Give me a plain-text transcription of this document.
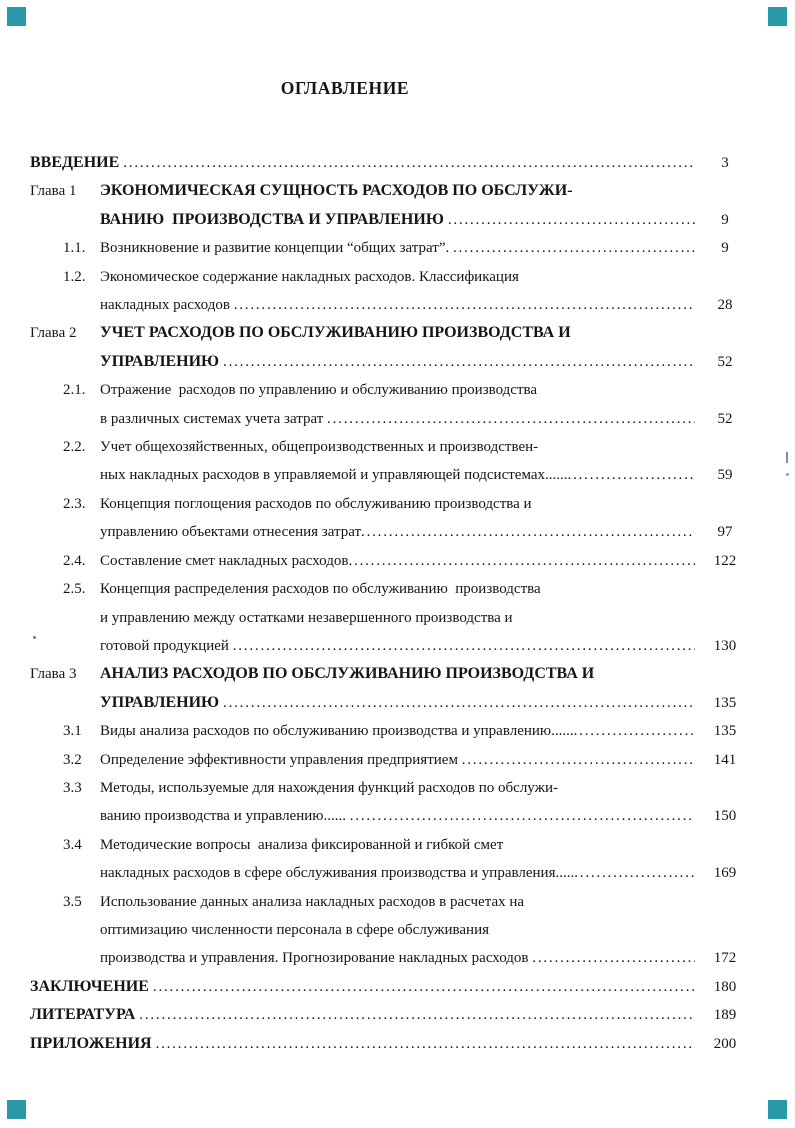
ОГЛАВЛЕНИЕ
ВВЕДЕНИЕ .....	3
Глава 1	ЭКОНОМИЧЕСКАЯ СУЩНОСТЬ РАСХОДОВ ПО ОБСЛУЖИ-
ВАНИЮ  ПРОИЗВОДСТВА И УПРАВЛЕНИЮ .....	9
1.1. Возникновение и развитие концепции “общих затрат”. .....	9
1.2. Экономическое содержание накладных расходов. Классификация
накладных расходов .....	28
Глава 2	УЧЕТ РАСХОДОВ ПО ОБСЛУЖИВАНИЮ ПРОИЗВОДСТВА И
УПРАВЛЕНИЮ .....	52
2.1. Отражение  расходов по управлению и обслуживанию производства
в различных системах учета затрат .....	52
2.2. Учет общехозяйственных, общепроизводственных и производствен-
ных накладных расходов в управляемой и управляющей подсистемах...... .....	59
2.3. Концепция поглощения расходов по обслуживанию производства и
управлению объектами отнесения затрат .....	97
2.4. Составление смет накладных расходов .....	122
2.5. Концепция распределения расходов по обслуживанию  производства
и управлению между остатками незавершенного производства и
готовой продукцией .....	130
Глава 3	АНАЛИЗ РАСХОДОВ ПО ОБСЛУЖИВАНИЮ ПРОИЗВОДСТВА И
УПРАВЛЕНИЮ .....	135
3.1	Виды анализа расходов по обслуживанию производства и управлению...... .....	135
3.2	Определение эффективности управления предприятием .....	141
3.3	Методы, используемые для нахождения функций расходов по обслужи-
ванию производства и управлению...... .....	150
3.4	Методические вопросы  анализа фиксированной и гибкой смет
накладных расходов в сфере обслуживания производства и управления..... .....	169
3.5	Использование данных анализа накладных расходов в расчетах на
оптимизацию численности персонала в сфере обслуживания
производства и управления. Прогнозирование накладных расходов .....	172
ЗАКЛЮЧЕНИЕ .....	180
ЛИТЕРАТУРА .....	189
ПРИЛОЖЕНИЯ .....	200
